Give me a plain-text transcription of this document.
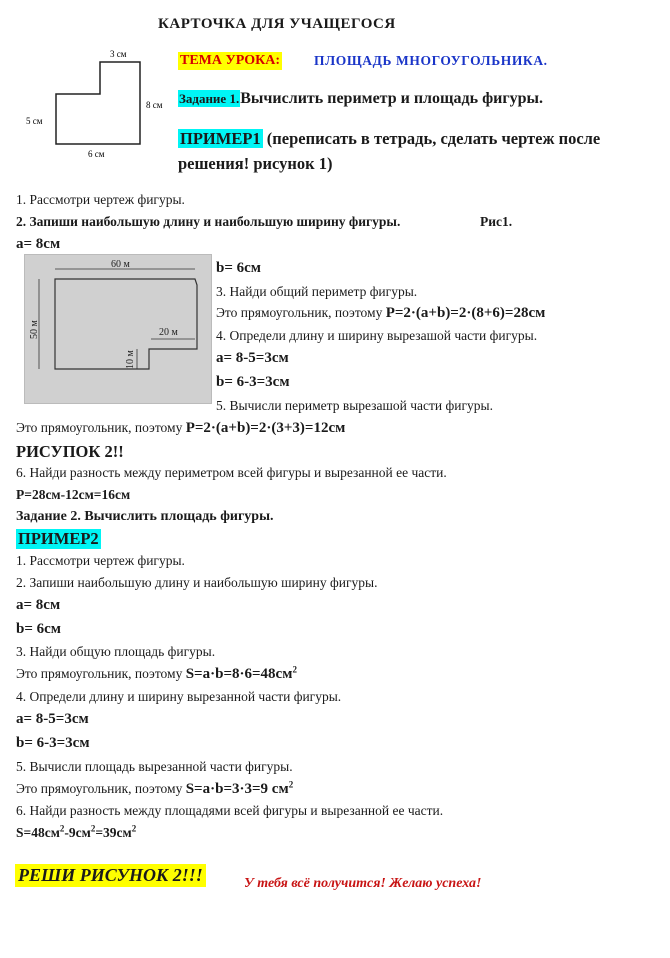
КАРТОЧКА ДЛЯ УЧАЩЕГОСЯ
3 см
8 см
5 см
6 см
ТЕМА УРОКА:	ПЛОЩАДЬ МНОГОУГОЛЬНИКА.
Задание 1.Вычислить периметр и площадь фигуры.
ПРИМЕР1 (переписать в тетрадь, сделать чертеж после решения! рисунок 1)
1. Рассмотри чертеж фигуры.
2. Запиши наибольшую длину и наибольшую ширину фигуры.	Рис1.
a= 8см
60 м
50 м	20 м
10 м
b= 6см
3. Найди общий периметр фигуры.
Это прямоугольник, поэтому P=2·(a+b)=2·(8+6)=28см
4. Определи длину и ширину вырезашой части фигуры.
a= 8-5=3см
b= 6-3=3см
5. Вычисли периметр вырезашой части фигуры.
Это прямоугольник, поэтому P=2·(a+b)=2·(3+3)=12см
РИСУПОК 2!!
6. Найди разность между периметром всей фигуры и вырезанной ее части.
P=28см-12см=16см
Задание 2. Вычислить площадь фигуры.
ПРИМЕР2
1. Рассмотри чертеж фигуры.
2. Запиши наибольшую длину и наибольшую ширину фигуры.
a= 8см
b= 6см
3. Найди общую площадь фигуры.
Это прямоугольник, поэтому $S=a\cdot b=8\cdot 6=48см^2$
4. Определи длину и ширину вырезанной части фигуры.
a= 8-5=3см
b= 6-3=3см
5. Вычисли площадь вырезанной части фигуры.
Это прямоугольник, поэтому S=a·b=3·3=9 $см^2$
6. Найди разность между площадями всей фигуры и вырезанной ее части.
$S=48см^2-9см^2=39см^2$
РЕШИ РИСУНОК 2!!!	У тебя всё получится! Желаю успеха!
